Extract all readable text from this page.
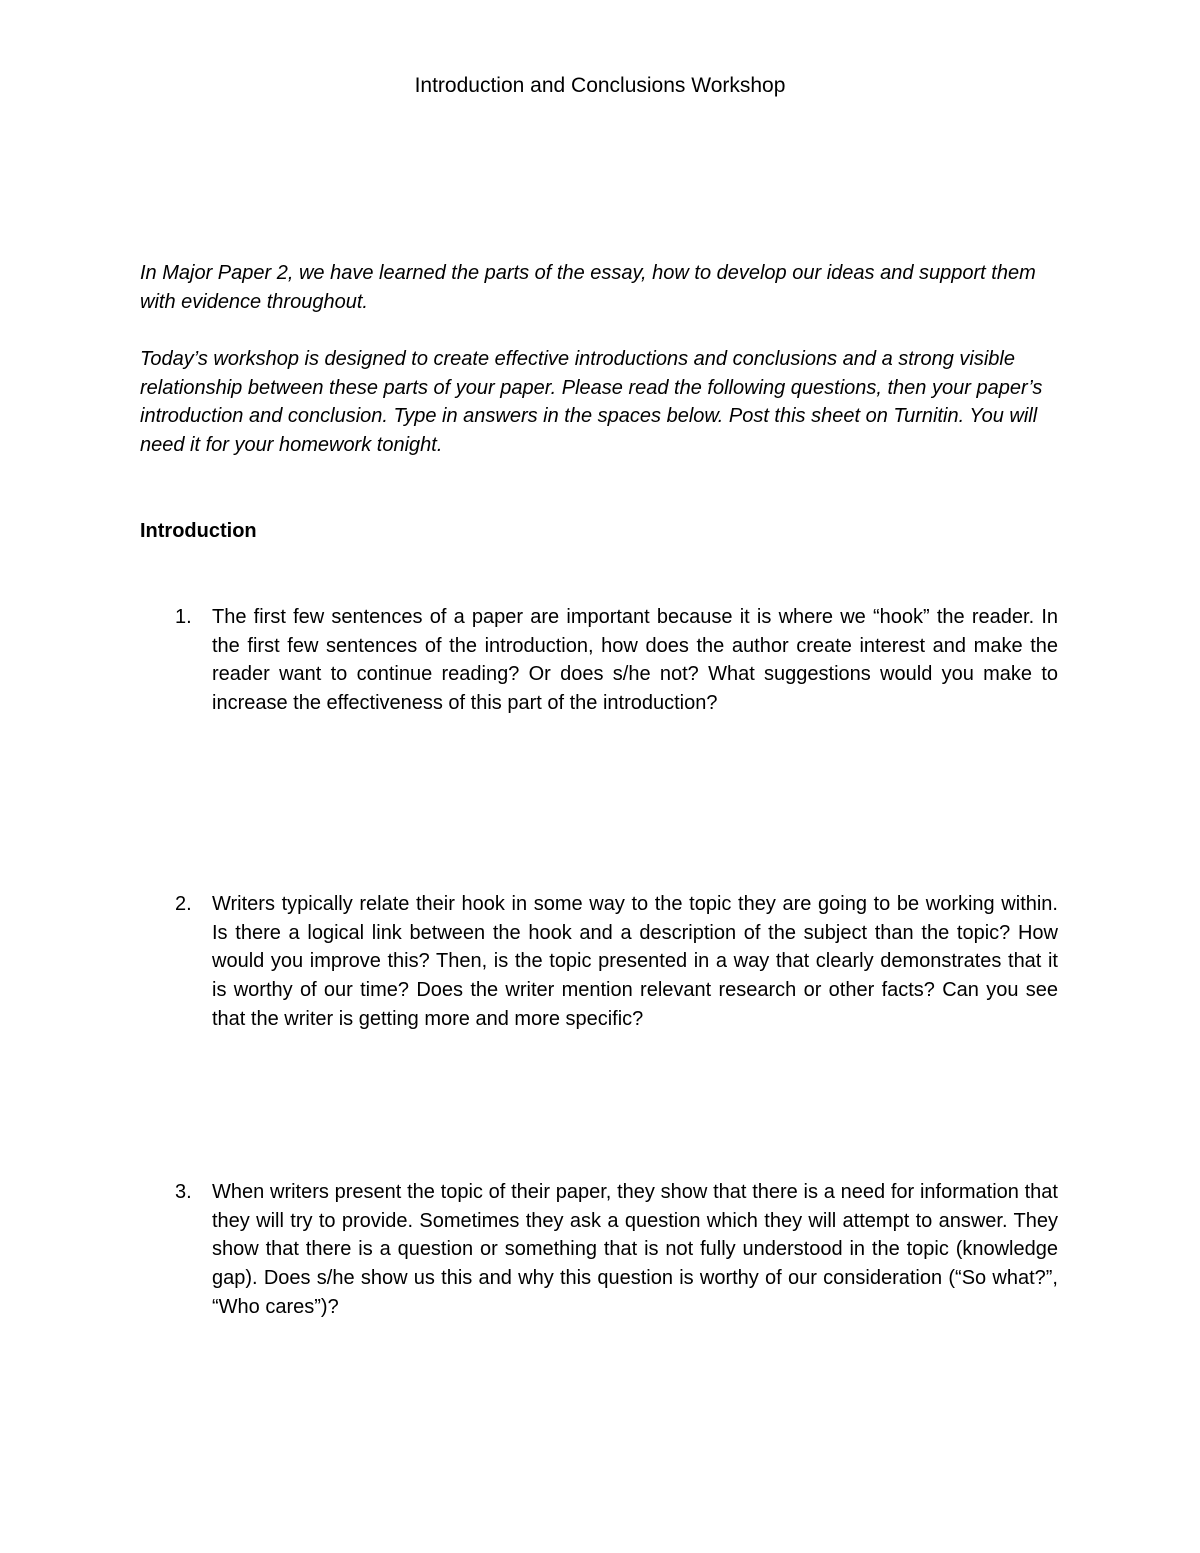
Introduction and Conclusions Workshop

In Major Paper 2, we have learned the parts of the essay, how to develop our ideas and support them with evidence throughout.

Today’s workshop is designed to create effective introductions and conclusions and a strong visible relationship between these parts of your paper. Please read the following questions, then your paper’s introduction and conclusion. Type in answers in the spaces below. Post this sheet on Turnitin. You will need it for your homework tonight.

Introduction
1.	The first few sentences of a paper are important because it is where we “hook” the reader. In the first few sentences of the introduction, how does the author create interest and make the reader want to continue reading? Or does s/he not? What suggestions would you make to increase the effectiveness of this part of the introduction?
2.	Writers typically relate their hook in some way to the topic they are going to be working within. Is there a logical link between the hook and a description of the subject than the topic? How would you improve this? Then, is the topic presented in a way that clearly demonstrates that it is worthy of our time? Does the writer mention relevant research or other facts? Can you see that the writer is getting more and more specific?
3.	When writers present the topic of their paper, they show that there is a need for information that they will try to provide. Sometimes they ask a question which they will attempt to answer. They show that there is a question or something that is not fully understood in the topic (knowledge gap). Does s/he show us this and why this question is worthy of our consideration (“So what?”, “Who cares”)?
